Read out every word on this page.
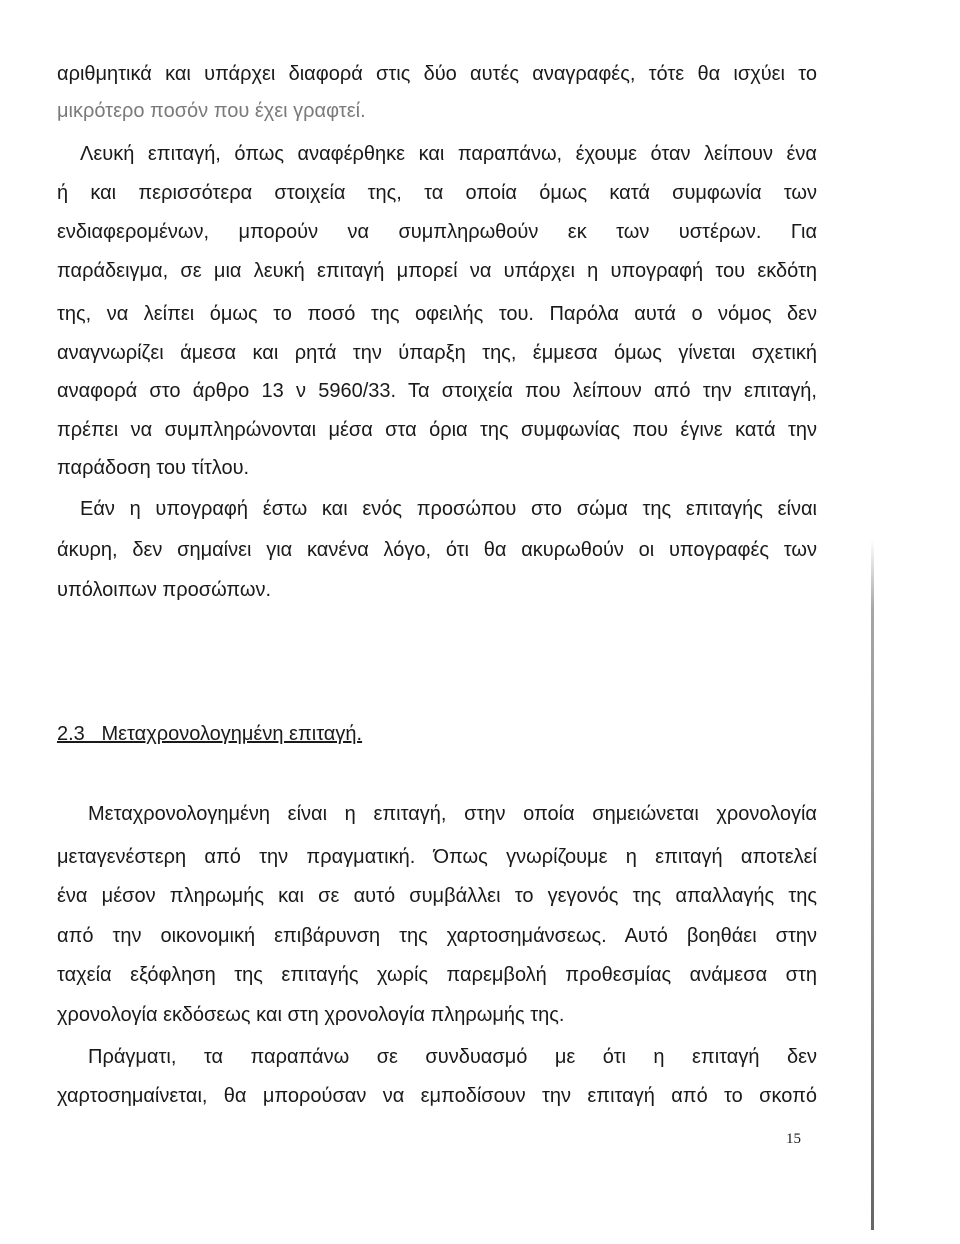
αριθμητικά και υπάρχει διαφορά στις δύο αυτές αναγραφές, τότε θα ισχύει το
μικρότερο ποσόν που έχει γραφτεί.
Λευκή επιταγή, όπως αναφέρθηκε και παραπάνω, έχουμε όταν λείπουν ένα
ή και περισσότερα στοιχεία της, τα οποία όμως κατά συμφωνία των
ενδιαφερομένων, μπορούν να συμπληρωθούν εκ των υστέρων. Για
παράδειγμα, σε μια λευκή επιταγή μπορεί να υπάρχει η υπογραφή του εκδότη
της, να λείπει όμως το ποσό της οφειλής του. Παρόλα αυτά ο νόμος δεν
αναγνωρίζει άμεσα και ρητά την ύπαρξη της, έμμεσα όμως γίνεται σχετική
αναφορά στο άρθρο 13 ν 5960/33. Τα στοιχεία που λείπουν από την επιταγή,
πρέπει να συμπληρώνονται μέσα στα όρια της συμφωνίας που έγινε κατά την
παράδοση του τίτλου.
Εάν η υπογραφή έστω και ενός προσώπου στο σώμα της επιταγής είναι
άκυρη, δεν σημαίνει για κανένα λόγο, ότι θα ακυρωθούν οι υπογραφές των
υπόλοιπων προσώπων.
2.3   Μεταχρονολογημένη επιταγή.
Μεταχρονολογημένη είναι η επιταγή, στην οποία σημειώνεται χρονολογία
μεταγενέστερη από την πραγματική. Όπως γνωρίζουμε η επιταγή αποτελεί
ένα μέσον πληρωμής και σε αυτό συμβάλλει το γεγονός της απαλλαγής της
από την οικονομική επιβάρυνση της χαρτοσημάνσεως. Αυτό βοηθάει στην
ταχεία εξόφληση της επιταγής χωρίς παρεμβολή προθεσμίας ανάμεσα στη
χρονολογία εκδόσεως και στη χρονολογία πληρωμής της.
Πράγματι, τα παραπάνω σε συνδυασμό με ότι η επιταγή δεν
χαρτοσημαίνεται, θα μπορούσαν να εμποδίσουν την επιταγή από το σκοπό
15
